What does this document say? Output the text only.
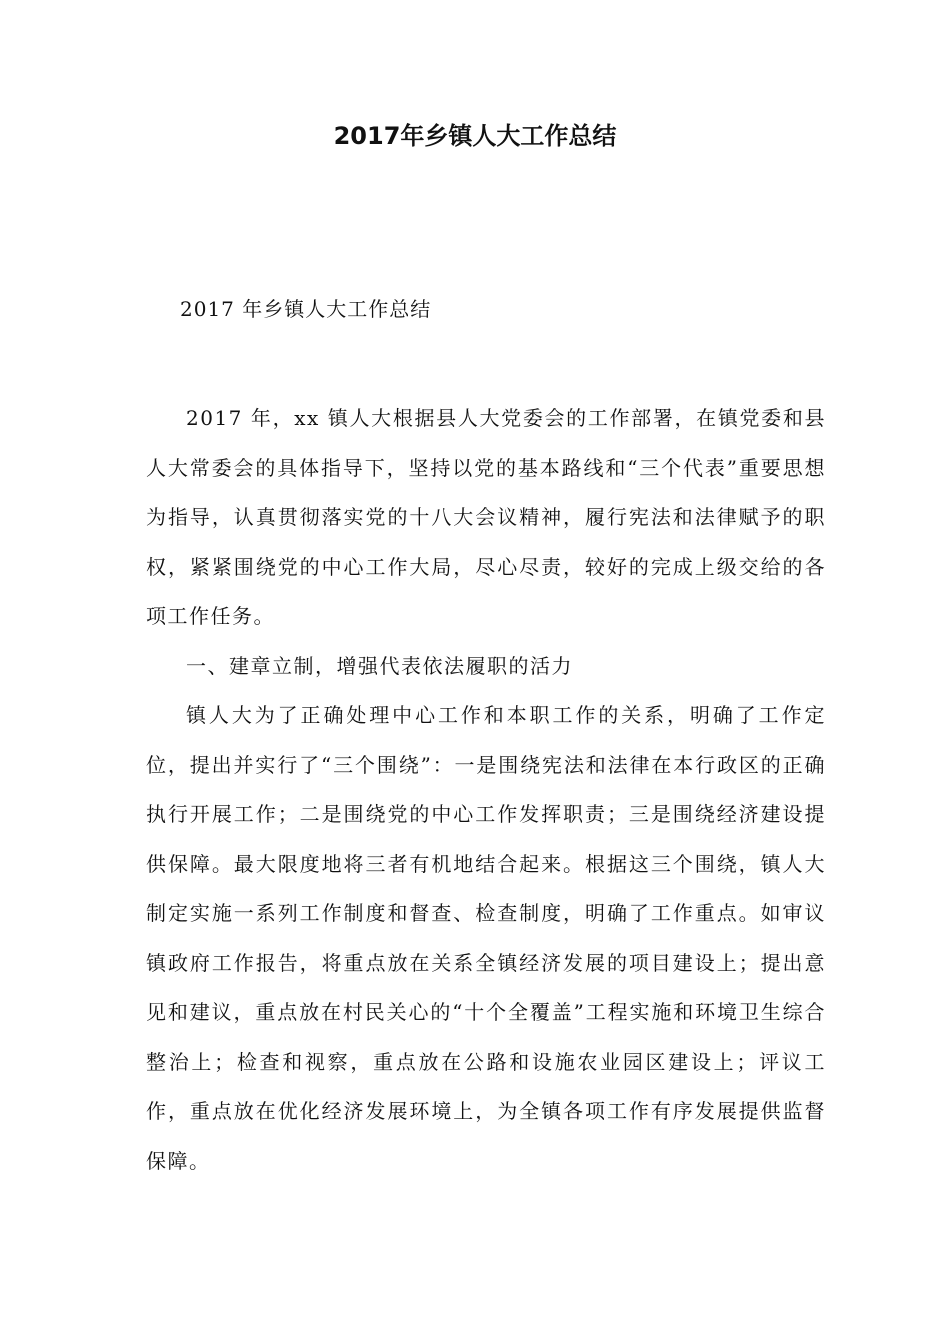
2017年乡镇人大工作总结

2017 年乡镇人大工作总结

2017 年，xx 镇人大根据县人大党委会的工作部署，在镇党委和县人大常委会的具体指导下，坚持以党的基本路线和“三个代表”重要思想为指导，认真贯彻落实党的十八大会议精神，履行宪法和法律赋予的职权，紧紧围绕党的中心工作大局，尽心尽责，较好的完成上级交给的各项工作任务。

一、建章立制，增强代表依法履职的活力

镇人大为了正确处理中心工作和本职工作的关系，明确了工作定位，提出并实行了“三个围绕”：一是围绕宪法和法律在本行政区的正确执行开展工作；二是围绕党的中心工作发挥职责；三是围绕经济建设提供保障。最大限度地将三者有机地结合起来。根据这三个围绕，镇人大制定实施一系列工作制度和督查、检查制度，明确了工作重点。如审议镇政府工作报告，将重点放在关系全镇经济发展的项目建设上；提出意见和建议，重点放在村民关心的“十个全覆盖”工程实施和环境卫生综合整治上；检查和视察，重点放在公路和设施农业园区建设上；评议工作，重点放在优化经济发展环境上，为全镇各项工作有序发展提供监督保障。
